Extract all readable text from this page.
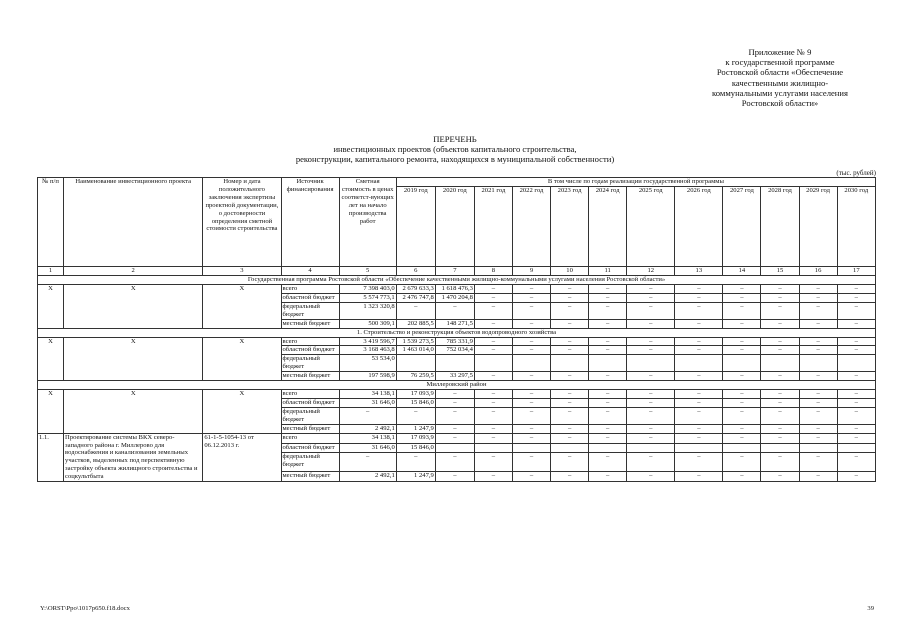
Приложение № 9
к государственной программе
Ростовской области «Обеспечение
качественными жилищно-
коммунальными услугами населения
Ростовской области»
ПЕРЕЧЕНЬ
инвестиционных проектов (объектов капитального строительства,
реконструкции, капитального ремонта, находящихся в муниципальной собственности)
(тыс. рублей)
№ п/п	Наименование инвестиционного проекта	Номер и дата положительного заключения экспертизы проектной документации, о достоверности определения сметной стоимости строительства	Источник финансирования	Сметная стоимость в ценах соответст-вующих лет на начало производства работ	В том числе по годам реализации государственной программы											
					2019 год	2020 год	2021 год	2022 год	2023 год	2024 год	2025 год	2026 год	2027 год	2028 год	2029 год	2030 год
1	2	3	4	5	6	7	8	9	10	11	12	13	14	15	16	17
Государственная программа Ростовской области «Обеспечение качественными жилищно-коммунальными услугами населения Ростовской области»																
X	X	X	всего	7 398 403,0	2 679 633,3	1 618 476,3	–	–	–	–	–	–	–	–	–	–
			областной бюджет	5 574 773,1	2 476 747,8	1 470 204,8	–	–	–	–	–	–	–	–	–	–
			федеральный бюджет	1 323 320,8	–	–	–	–	–	–	–	–	–	–	–	–
			местный бюджет	500 309,1	202 885,5	148 271,5	–	–	–	–	–	–	–	–	–	–
1. Строительство и реконструкция объектов водопроводного хозяйства																
X	X	X	всего	3 419 596,7	1 539 273,5	785 331,9	–	–	–	–	–	–	–	–	–	–
			областной бюджет	3 168 463,8	1 463 014,0	752 034,4	–	–	–	–	–	–	–	–	–	–
			федеральный бюджет	53 534,0												
			местный бюджет	197 598,9	76 259,5	33 297,5	–	–	–	–	–	–	–	–	–	–
Миллеровский район																
X	X	X	всего	34 138,1	17 093,9	–	–	–	–	–	–	–	–	–	–	–
			областной бюджет	31 646,0	15 846,0	–	–	–	–	–	–	–	–	–	–	–
			федеральный бюджет	–	–	–	–	–	–	–	–	–	–	–	–	–
			местный бюджет	2 492,1	1 247,9	–	–	–	–	–	–	–	–	–	–	–
1.1.	Проектирование системы ВКХ северо-западного района г. Миллерово для водоснабжения и канализования земельных участков, выделенных под перспективную застройку объекта жилищного строительства и соцкультбыта	61-1-5-1054-13 от 06.12.2013 г.	всего	34 138,1	17 093,9	–	–	–	–	–	–	–	–	–	–	–
			областной бюджет	31 646,0	15 846,0											
			федеральный бюджет	–	–	–	–	–	–	–	–	–	–	–	–	–
			местный бюджет	2 492,1	1 247,9	–	–	–	–	–	–	–	–	–	–	–
Y:\ORST\Ppo\1017p650.f18.docx	39
